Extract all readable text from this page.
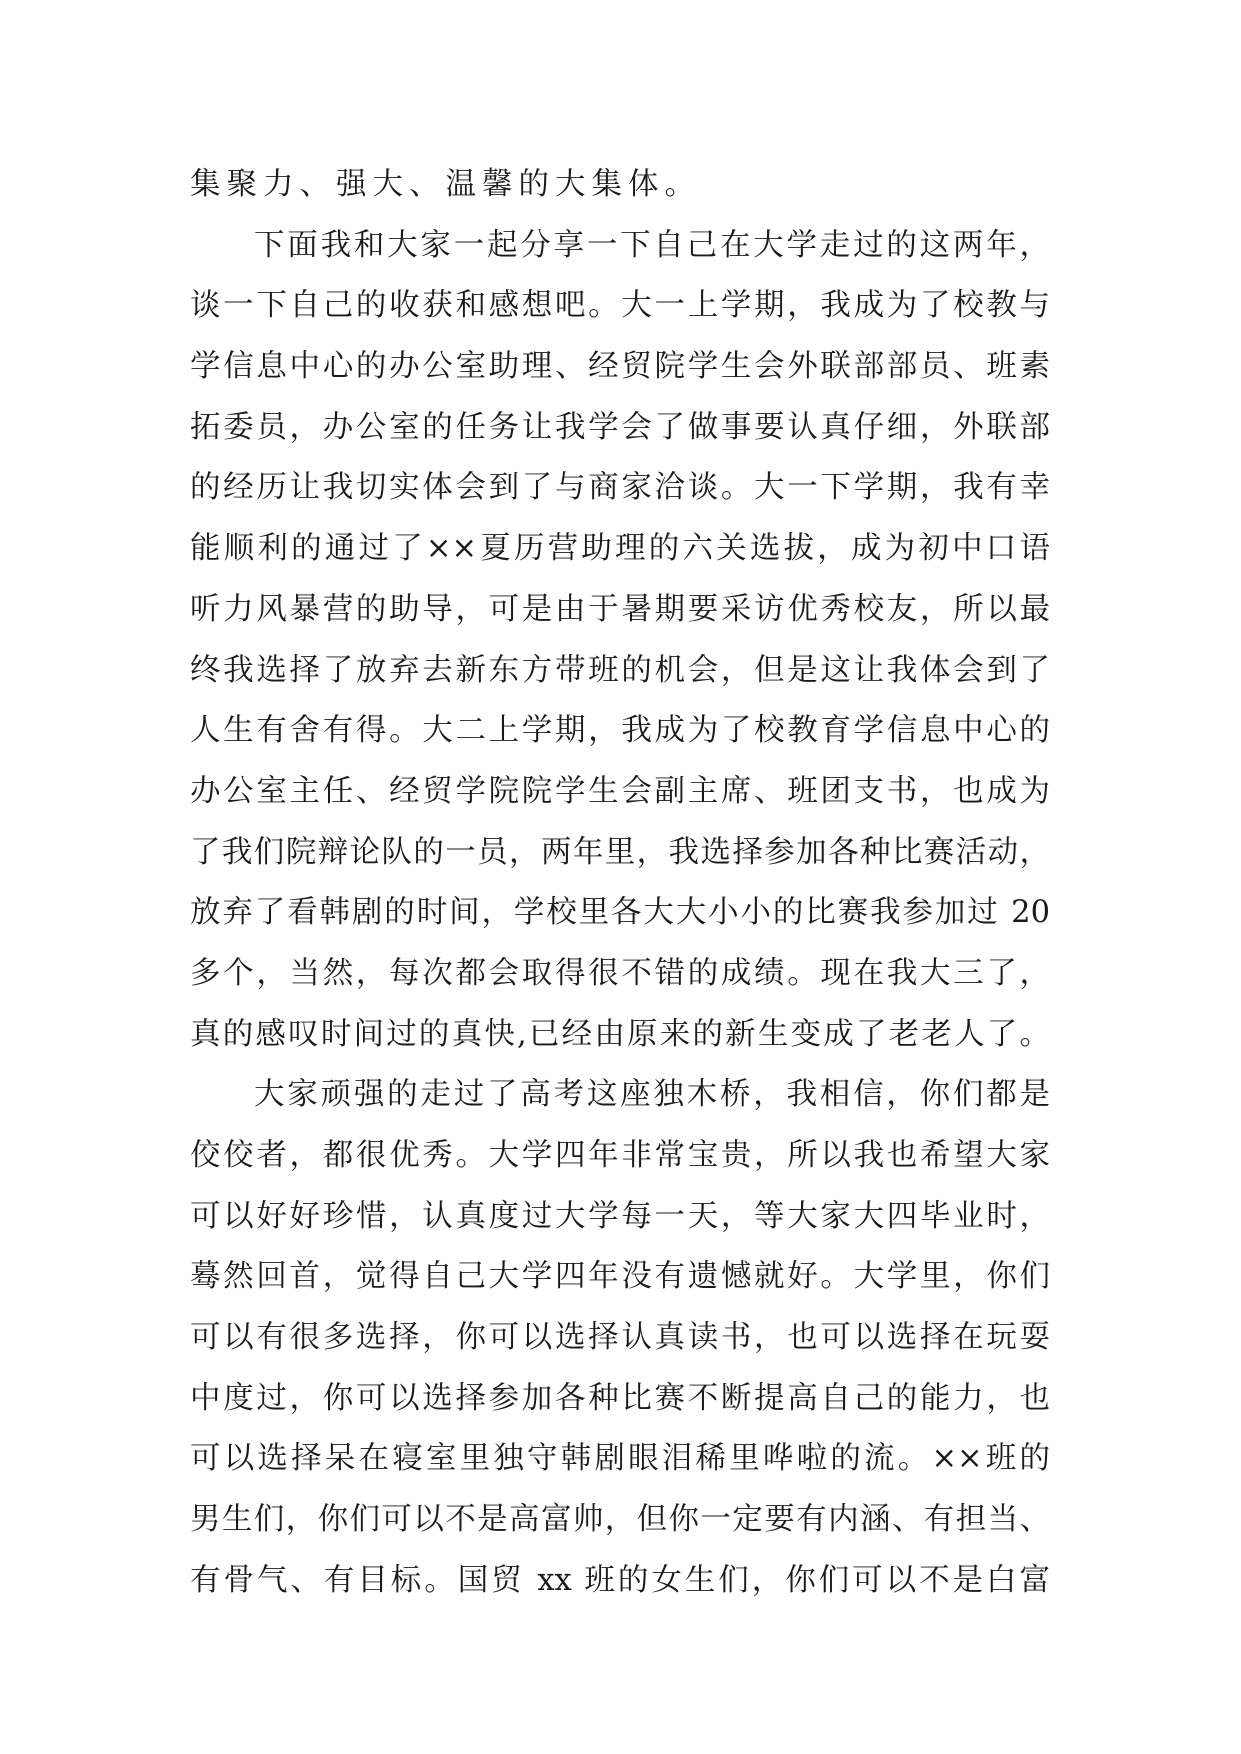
集聚力、强大、温馨的大集体。
下面我和大家一起分享一下自己在大学走过的这两年，
谈一下自己的收获和感想吧。大一上学期，我成为了校教与
学信息中心的办公室助理、经贸院学生会外联部部员、班素
拓委员，办公室的任务让我学会了做事要认真仔细，外联部
的经历让我切实体会到了与商家洽谈。大一下学期，我有幸
能顺利的通过了××夏历营助理的六关选拔，成为初中口语
听力风暴营的助导，可是由于暑期要采访优秀校友，所以最
终我选择了放弃去新东方带班的机会，但是这让我体会到了
人生有舍有得。大二上学期，我成为了校教育学信息中心的
办公室主任、经贸学院院学生会副主席、班团支书，也成为
了我们院辩论队的一员，两年里，我选择参加各种比赛活动，
放弃了看韩剧的时间，学校里各大大小小的比赛我参加过 20
多个，当然，每次都会取得很不错的成绩。现在我大三了，
真的感叹时间过的真快,已经由原来的新生变成了老老人了。
大家顽强的走过了高考这座独木桥，我相信，你们都是
佼佼者，都很优秀。大学四年非常宝贵，所以我也希望大家
可以好好珍惜，认真度过大学每一天，等大家大四毕业时，
蓦然回首，觉得自己大学四年没有遗憾就好。大学里，你们
可以有很多选择，你可以选择认真读书，也可以选择在玩耍
中度过，你可以选择参加各种比赛不断提高自己的能力，也
可以选择呆在寝室里独守韩剧眼泪稀里哗啦的流。××班的
男生们，你们可以不是高富帅，但你一定要有内涵、有担当、
有骨气、有目标。国贸 xx 班的女生们，你们可以不是白富
